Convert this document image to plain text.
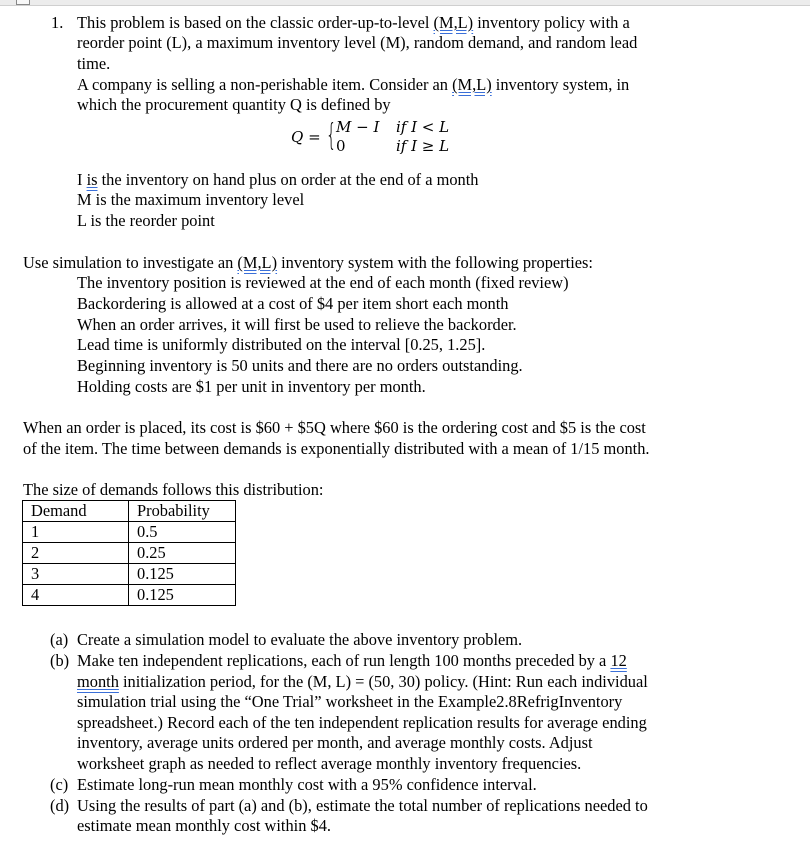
1. This problem is based on the classic order-up-to-level (M,L) inventory policy with a
reorder point (L), a maximum inventory level (M), random demand, and random lead
time.
A company is selling a non-perishable item. Consider an (M,L) inventory system, in
which the procurement quantity Q is defined by
Q = { M − I if I < L
0	if I ≥ L
I is the inventory on hand plus on order at the end of a month
M is the maximum inventory level
L is the reorder point
Use simulation to investigate an (M,L) inventory system with the following properties:
The inventory position is reviewed at the end of each month (fixed review)
Backordering is allowed at a cost of $4 per item short each month
When an order arrives, it will first be used to relieve the backorder.
Lead time is uniformly distributed on the interval [0.25, 1.25].
Beginning inventory is 50 units and there are no orders outstanding.
Holding costs are $1 per unit in inventory per month.
When an order is placed, its cost is $60 + $5Q where $60 is the ordering cost and $5 is the cost
of the item. The time between demands is exponentially distributed with a mean of 1/15 month.
The size of demands follows this distribution:
Demand	Probability
1	0.5
2	0.25
3	0.125
4	0.125
(a) Create a simulation model to evaluate the above inventory problem.
(b) Make ten independent replications, each of run length 100 months preceded by a 12
month initialization period, for the (M, L) = (50, 30) policy. (Hint: Run each individual
simulation trial using the “One Trial” worksheet in the Example2.8RefrigInventory
spreadsheet.) Record each of the ten independent replication results for average ending
inventory, average units ordered per month, and average monthly costs. Adjust
worksheet graph as needed to reflect average monthly inventory frequencies.
(c) Estimate long-run mean monthly cost with a 95% confidence interval.
(d) Using the results of part (a) and (b), estimate the total number of replications needed to
estimate mean monthly cost within $4.
